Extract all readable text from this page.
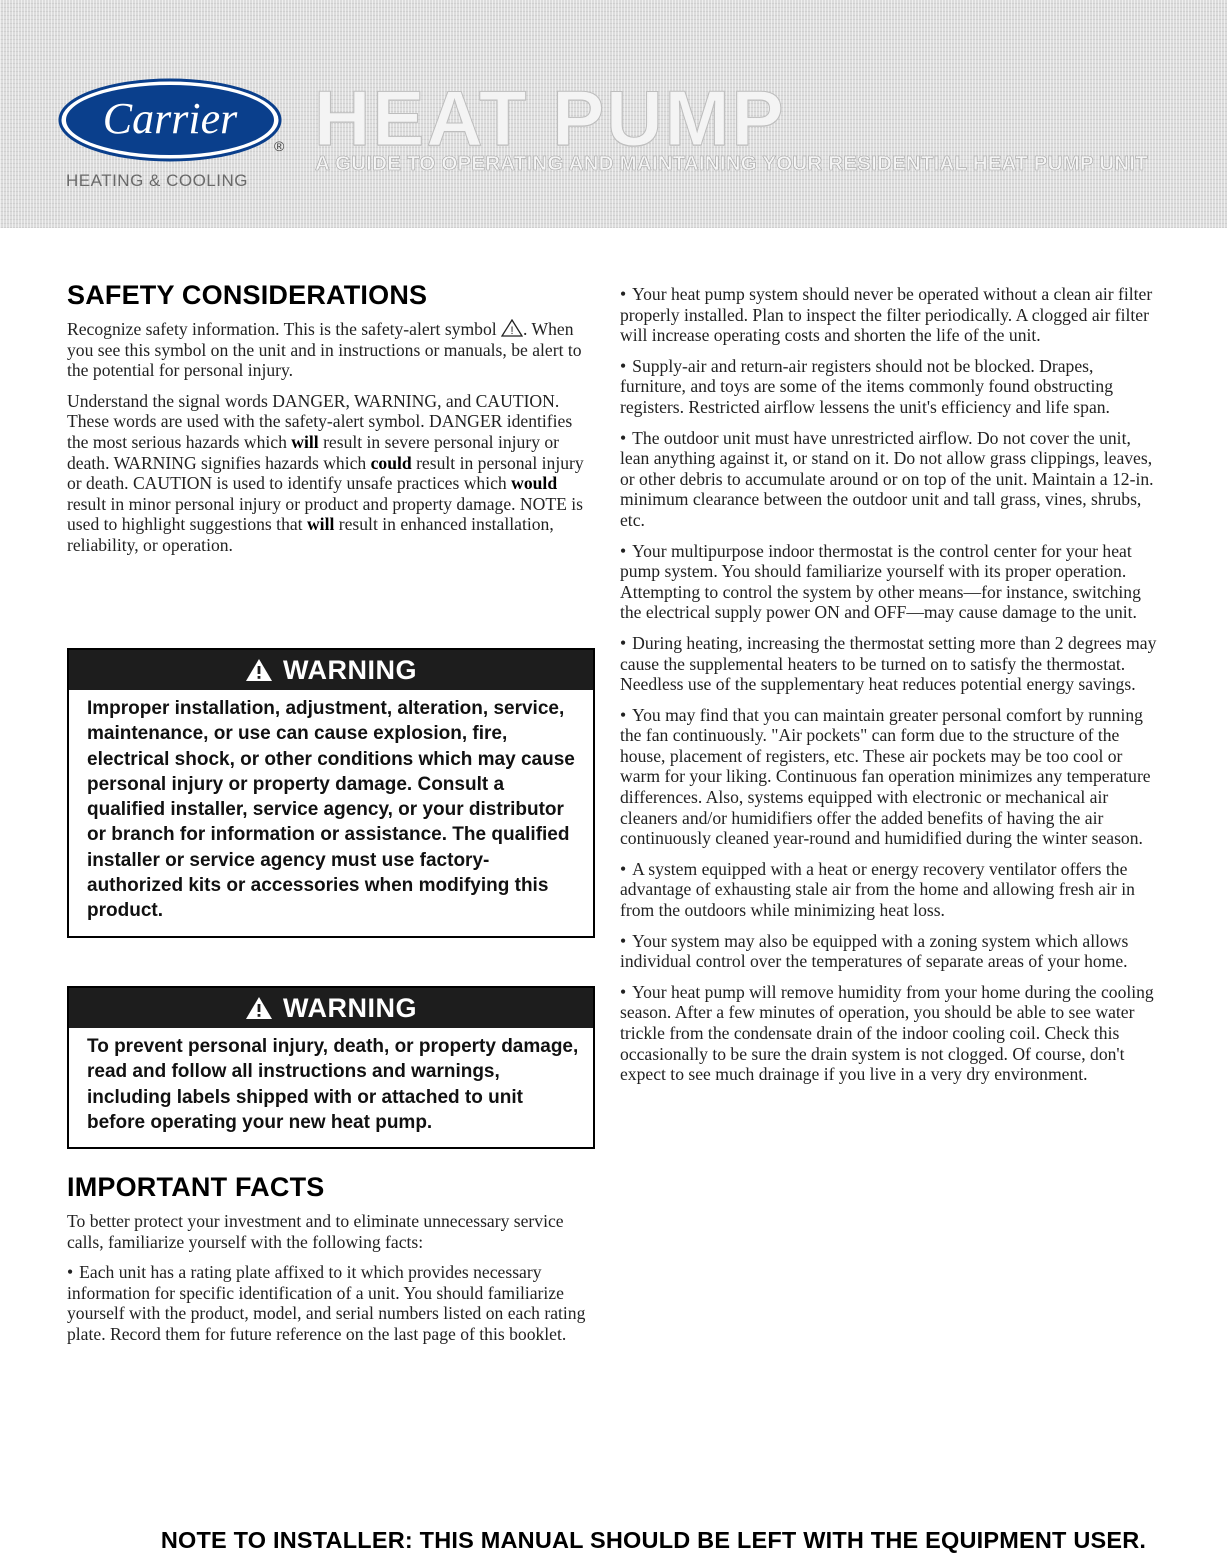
Carrier
®
HEATING & COOLING
HEAT PUMP
A GUIDE TO OPERATING AND MAINTAINING YOUR RESIDENTIAL HEAT PUMP UNIT
SAFETY CONSIDERATIONS

Recognize safety information. This is the safety-alert symbol ! . When you see this symbol on the unit and in instructions or manuals, be alert to the potential for personal injury.

Understand the signal words DANGER, WARNING, and CAUTION. These words are used with the safety-alert symbol. DANGER identifies the most serious hazards which will result in severe personal injury or death. WARNING signifies hazards which could result in personal injury or death. CAUTION is used to identify unsafe practices which would result in minor personal injury or product and property damage. NOTE is used to highlight suggestions that will result in enhanced installation, reliability, or operation.

WARNING
Improper installation, adjustment, alteration, service, maintenance, or use can cause explosion, fire, electrical shock, or other conditions which may cause personal injury or property damage. Consult a qualified installer, service agency, or your distributor or branch for information or assistance. The qualified installer or service agency must use factory-authorized kits or accessories when modifying this product.
WARNING
To prevent personal injury, death, or property damage, read and follow all instructions and warnings, including labels shipped with or attached to unit before operating your new heat pump.
IMPORTANT FACTS

To better protect your investment and to eliminate unnecessary service calls, familiarize yourself with the following facts:

• Each unit has a rating plate affixed to it which provides necessary information for specific identification of a unit. You should familiarize yourself with the product, model, and serial numbers listed on each rating plate. Record them for future reference on the last page of this booklet.
• Your heat pump system should never be operated without a clean air filter properly installed. Plan to inspect the filter periodically. A clogged air filter will increase operating costs and shorten the life of the unit.
• Supply-air and return-air registers should not be blocked. Drapes, furniture, and toys are some of the items commonly found obstructing registers. Restricted airflow lessens the unit's efficiency and life span.
• The outdoor unit must have unrestricted airflow. Do not cover the unit, lean anything against it, or stand on it. Do not allow grass clippings, leaves, or other debris to accumulate around or on top of the unit. Maintain a 12-in. minimum clearance between the outdoor unit and tall grass, vines, shrubs, etc.
• Your multipurpose indoor thermostat is the control center for your heat pump system. You should familiarize yourself with its proper operation. Attempting to control the system by other means—for instance, switching the electrical supply power ON and OFF—may cause damage to the unit.
• During heating, increasing the thermostat setting more than 2 degrees may cause the supplemental heaters to be turned on to satisfy the thermostat. Needless use of the supplementary heat reduces potential energy savings.
• You may find that you can maintain greater personal comfort by running the fan continuously. "Air pockets" can form due to the structure of the house, placement of registers, etc. These air pockets may be too cool or warm for your liking. Continuous fan operation minimizes any temperature differences. Also, systems equipped with electronic or mechanical air cleaners and/or humidifiers offer the added benefits of having the air continuously cleaned year-round and humidified during the winter season.
• A system equipped with a heat or energy recovery ventilator offers the advantage of exhausting stale air from the home and allowing fresh air in from the outdoors while minimizing heat loss.
• Your system may also be equipped with a zoning system which allows individual control over the temperatures of separate areas of your home.
• Your heat pump will remove humidity from your home during the cooling season. After a few minutes of operation, you should be able to see water trickle from the condensate drain of the indoor cooling coil. Check this occasionally to be sure the drain system is not clogged. Of course, don't expect to see much drainage if you live in a very dry environment.
NOTE TO INSTALLER: THIS MANUAL SHOULD BE LEFT WITH THE EQUIPMENT USER.
